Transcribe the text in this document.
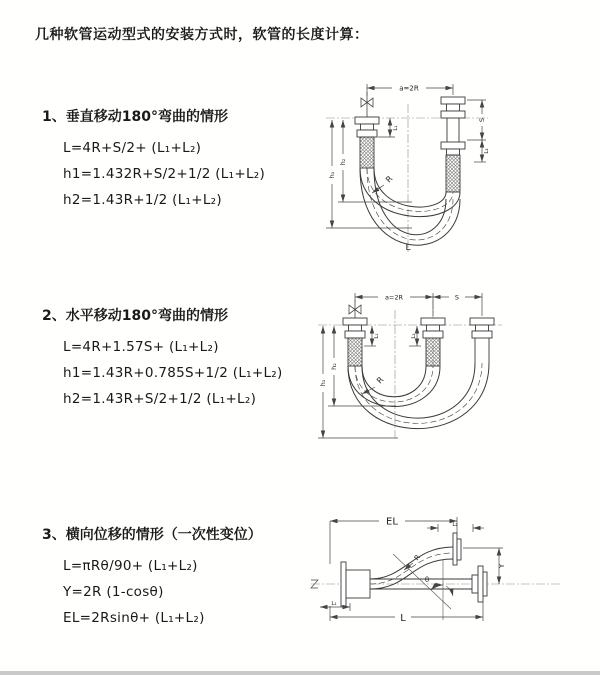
几种软管运动型式的安装方式时，软管的长度计算：
1、垂直移动180°弯曲的情形
L=4R+S/2+ (L₁+L₂)
h1=1.432R+S/2+1/2 (L₁+L₂)
h2=1.43R+1/2 (L₁+L₂)
a=2R
h₁
h₂
L₁
S
L₂
R
L
2、水平移动180°弯曲的情形
L=4R+1.57S+ (L₁+L₂)
h1=1.43R+0.785S+1/2 (L₁+L₂)
h2=1.43R+S/2+1/2 (L₁+L₂)
a=2R	S
h₁
h₂
L₁	L₂
R
3、横向位移的情形（一次性变位）
L=πRθ/90+ (L₁+L₂)
Y=2R (1-cosθ)
EL=2Rsinθ+ (L₁+L₂)
EL	L₂
θ
Y
R
L₁
L
